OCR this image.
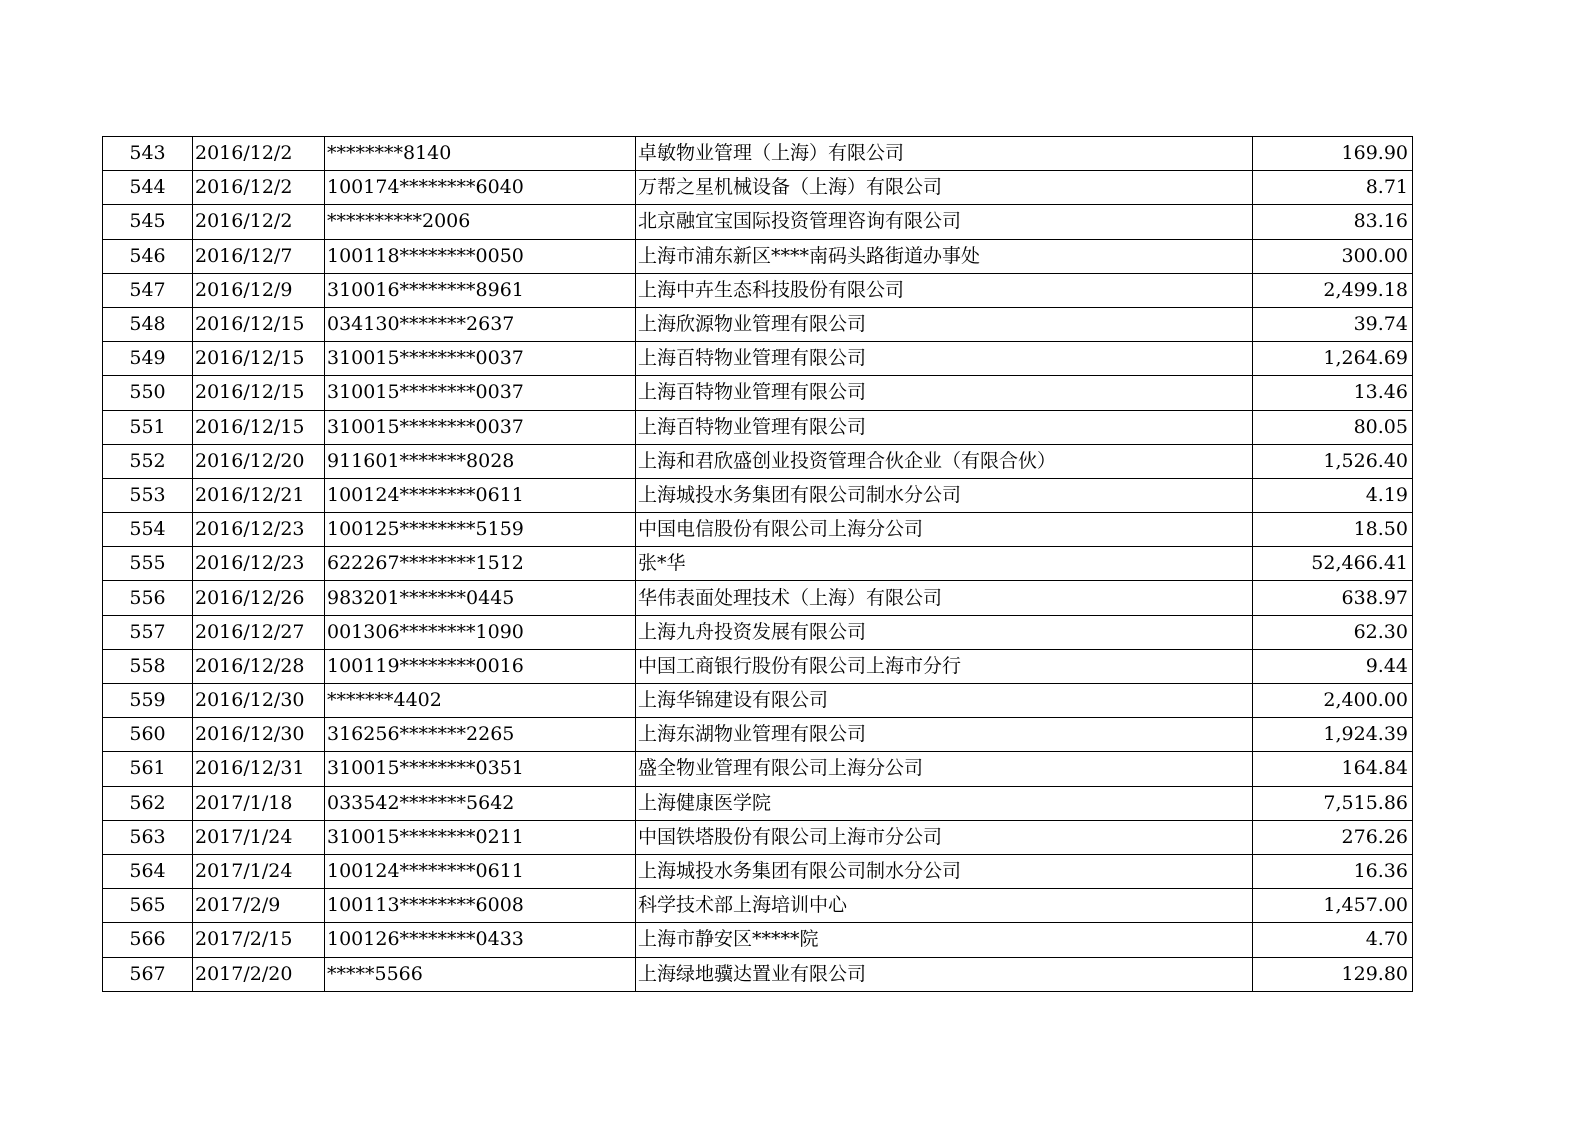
543	2016/12/2	********8140	卓敏物业管理（上海）有限公司	169.90
544	2016/12/2	100174********6040	万帮之星机械设备（上海）有限公司	8.71
545	2016/12/2	**********2006	北京融宜宝国际投资管理咨询有限公司	83.16
546	2016/12/7	100118********0050	上海市浦东新区****南码头路街道办事处	300.00
547	2016/12/9	310016********8961	上海中卉生态科技股份有限公司	2,499.18
548	2016/12/15	034130*******2637	上海欣源物业管理有限公司	39.74
549	2016/12/15	310015********0037	上海百特物业管理有限公司	1,264.69
550	2016/12/15	310015********0037	上海百特物业管理有限公司	13.46
551	2016/12/15	310015********0037	上海百特物业管理有限公司	80.05
552	2016/12/20	911601*******8028	上海和君欣盛创业投资管理合伙企业（有限合伙）	1,526.40
553	2016/12/21	100124********0611	上海城投水务集团有限公司制水分公司	4.19
554	2016/12/23	100125********5159	中国电信股份有限公司上海分公司	18.50
555	2016/12/23	622267********1512	张*华	52,466.41
556	2016/12/26	983201*******0445	华伟表面处理技术（上海）有限公司	638.97
557	2016/12/27	001306********1090	上海九舟投资发展有限公司	62.30
558	2016/12/28	100119********0016	中国工商银行股份有限公司上海市分行	9.44
559	2016/12/30	*******4402	上海华锦建设有限公司	2,400.00
560	2016/12/30	316256*******2265	上海东湖物业管理有限公司	1,924.39
561	2016/12/31	310015********0351	盛全物业管理有限公司上海分公司	164.84
562	2017/1/18	033542*******5642	上海健康医学院	7,515.86
563	2017/1/24	310015********0211	中国铁塔股份有限公司上海市分公司	276.26
564	2017/1/24	100124********0611	上海城投水务集团有限公司制水分公司	16.36
565	2017/2/9	100113********6008	科学技术部上海培训中心	1,457.00
566	2017/2/15	100126********0433	上海市静安区*****院	4.70
567	2017/2/20	*****5566	上海绿地骥达置业有限公司	129.80
